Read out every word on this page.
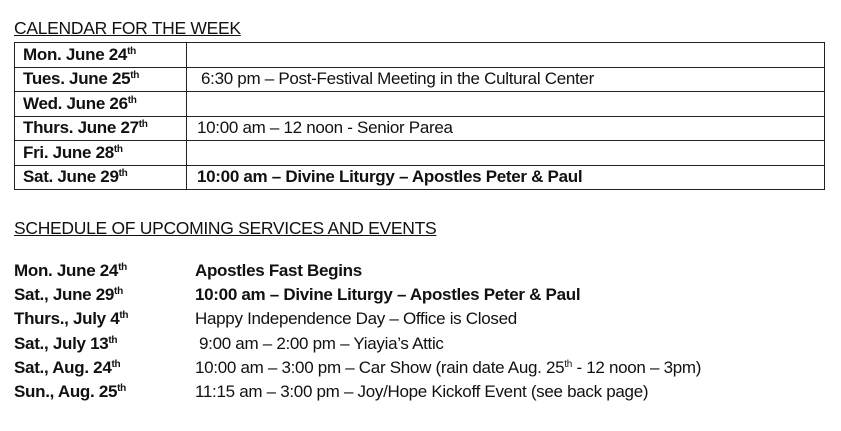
CALENDAR FOR THE WEEK
Mon. June 24th	
Tues. June 25th	6:30 pm – Post-Festival Meeting in the Cultural Center
Wed. June 26th	
Thurs. June 27th	10:00 am – 12 noon - Senior Parea
Fri. June 28th	
Sat. June 29th	10:00 am – Divine Liturgy – Apostles Peter & Paul
SCHEDULE OF UPCOMING SERVICES AND EVENTS
Mon. June 24th	Apostles Fast Begins
Sat., June 29th	10:00 am – Divine Liturgy – Apostles Peter & Paul
Thurs., July 4th	Happy Independence Day – Office is Closed
Sat., July 13th	9:00 am – 2:00 pm – Yiayia’s Attic
Sat., Aug. 24th	10:00 am – 3:00 pm – Car Show (rain date Aug. 25th - 12 noon – 3pm)
Sun., Aug. 25th	11:15 am – 3:00 pm – Joy/Hope Kickoff Event (see back page)
